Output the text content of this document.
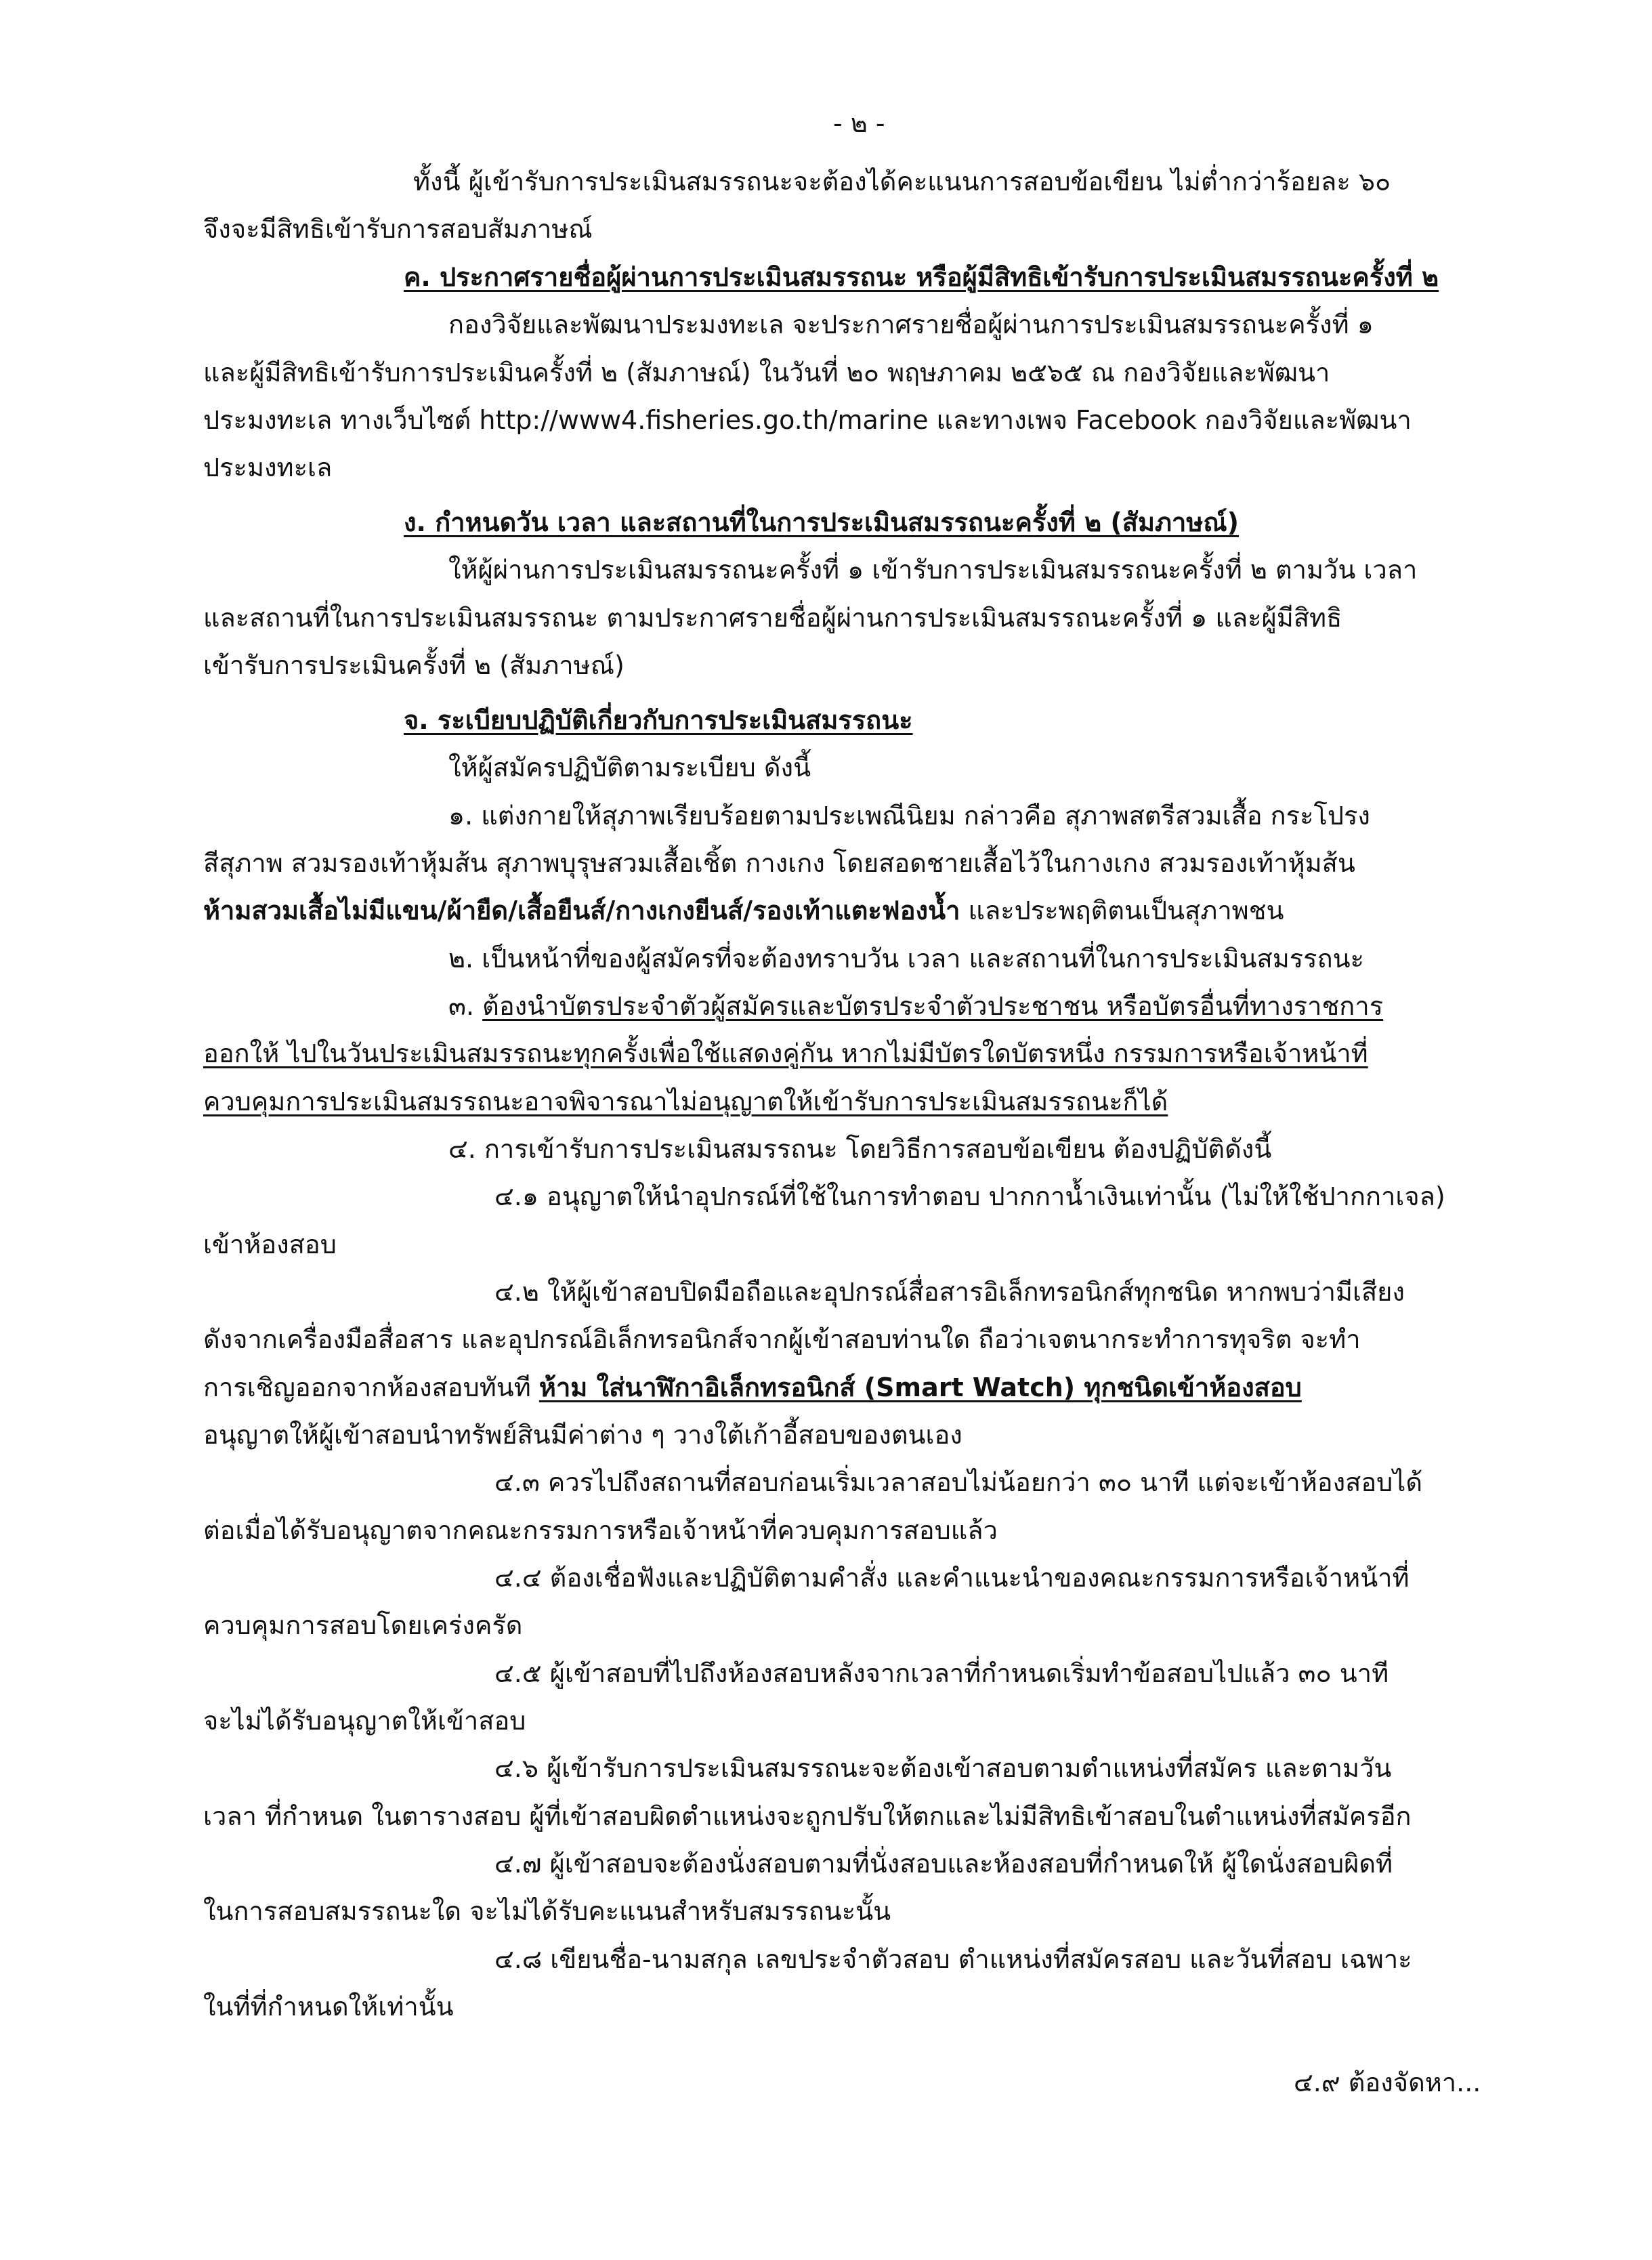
- ๒ -
ทั้งนี้ ผู้เข้ารับการประเมินสมรรถนะจะต้องได้คะแนนการสอบข้อเขียน ไม่ต่ำกว่าร้อยละ ๖๐
จึงจะมีสิทธิเข้ารับการสอบสัมภาษณ์
ค. ประกาศรายชื่อผู้ผ่านการประเมินสมรรถนะ หรือผู้มีสิทธิเข้ารับการประเมินสมรรถนะครั้งที่ ๒
กองวิจัยและพัฒนาประมงทะเล จะประกาศรายชื่อผู้ผ่านการประเมินสมรรถนะครั้งที่ ๑
และผู้มีสิทธิเข้ารับการประเมินครั้งที่ ๒ (สัมภาษณ์) ในวันที่ ๒๐ พฤษภาคม ๒๕๖๕ ณ กองวิจัยและพัฒนา
ประมงทะเล ทางเว็บไซต์ http://www4.fisheries.go.th/marine และทางเพจ Facebook กองวิจัยและพัฒนา
ประมงทะเล
ง. กำหนดวัน เวลา และสถานที่ในการประเมินสมรรถนะครั้งที่ ๒ (สัมภาษณ์)
ให้ผู้ผ่านการประเมินสมรรถนะครั้งที่ ๑ เข้ารับการประเมินสมรรถนะครั้งที่ ๒ ตามวัน เวลา
และสถานที่ในการประเมินสมรรถนะ ตามประกาศรายชื่อผู้ผ่านการประเมินสมรรถนะครั้งที่ ๑ และผู้มีสิทธิ
เข้ารับการประเมินครั้งที่ ๒ (สัมภาษณ์)
จ. ระเบียบปฏิบัติเกี่ยวกับการประเมินสมรรถนะ
ให้ผู้สมัครปฏิบัติตามระเบียบ ดังนี้
๑. แต่งกายให้สุภาพเรียบร้อยตามประเพณีนิยม กล่าวคือ สุภาพสตรีสวมเสื้อ กระโปรง
สีสุภาพ สวมรองเท้าหุ้มส้น สุภาพบุรุษสวมเสื้อเชิ้ต กางเกง โดยสอดชายเสื้อไว้ในกางเกง สวมรองเท้าหุ้มส้น
ห้ามสวมเสื้อไม่มีแขน/ผ้ายืด/เสื้อยืนส์/กางเกงยีนส์/รองเท้าแตะฟองน้ำ และประพฤติตนเป็นสุภาพชน
๒. เป็นหน้าที่ของผู้สมัครที่จะต้องทราบวัน เวลา และสถานที่ในการประเมินสมรรถนะ
๓. ต้องนำบัตรประจำตัวผู้สมัครและบัตรประจำตัวประชาชน หรือบัตรอื่นที่ทางราชการ
ออกให้ ไปในวันประเมินสมรรถนะทุกครั้งเพื่อใช้แสดงคู่กัน หากไม่มีบัตรใดบัตรหนึ่ง กรรมการหรือเจ้าหน้าที่
ควบคุมการประเมินสมรรถนะอาจพิจารณาไม่อนุญาตให้เข้ารับการประเมินสมรรถนะก็ได้
๔. การเข้ารับการประเมินสมรรถนะ โดยวิธีการสอบข้อเขียน ต้องปฏิบัติดังนี้
๔.๑ อนุญาตให้นำอุปกรณ์ที่ใช้ในการทำตอบ ปากกาน้ำเงินเท่านั้น (ไม่ให้ใช้ปากกาเจล)
เข้าห้องสอบ
๔.๒ ให้ผู้เข้าสอบปิดมือถือและอุปกรณ์สื่อสารอิเล็กทรอนิกส์ทุกชนิด หากพบว่ามีเสียง
ดังจากเครื่องมือสื่อสาร และอุปกรณ์อิเล็กทรอนิกส์จากผู้เข้าสอบท่านใด ถือว่าเจตนากระทำการทุจริต จะทำ
การเชิญออกจากห้องสอบทันที ห้าม ใส่นาฬิกาอิเล็กทรอนิกส์ (Smart Watch) ทุกชนิดเข้าห้องสอบ
อนุญาตให้ผู้เข้าสอบนำทรัพย์สินมีค่าต่าง ๆ วางใต้เก้าอี้สอบของตนเอง
๔.๓ ควรไปถึงสถานที่สอบก่อนเริ่มเวลาสอบไม่น้อยกว่า ๓๐ นาที แต่จะเข้าห้องสอบได้
ต่อเมื่อได้รับอนุญาตจากคณะกรรมการหรือเจ้าหน้าที่ควบคุมการสอบแล้ว
๔.๔ ต้องเชื่อฟังและปฏิบัติตามคำสั่ง และคำแนะนำของคณะกรรมการหรือเจ้าหน้าที่
ควบคุมการสอบโดยเคร่งครัด
๔.๕ ผู้เข้าสอบที่ไปถึงห้องสอบหลังจากเวลาที่กำหนดเริ่มทำข้อสอบไปแล้ว ๓๐ นาที
จะไม่ได้รับอนุญาตให้เข้าสอบ
๔.๖ ผู้เข้ารับการประเมินสมรรถนะจะต้องเข้าสอบตามตำแหน่งที่สมัคร และตามวัน
เวลา ที่กำหนด ในตารางสอบ ผู้ที่เข้าสอบผิดตำแหน่งจะถูกปรับให้ตกและไม่มีสิทธิเข้าสอบในตำแหน่งที่สมัครอีก
๔.๗ ผู้เข้าสอบจะต้องนั่งสอบตามที่นั่งสอบและห้องสอบที่กำหนดให้ ผู้ใดนั่งสอบผิดที่
ในการสอบสมรรถนะใด จะไม่ได้รับคะแนนสำหรับสมรรถนะนั้น
๔.๘ เขียนชื่อ-นามสกุล เลขประจำตัวสอบ ตำแหน่งที่สมัครสอบ และวันที่สอบ เฉพาะ
ในที่ที่กำหนดให้เท่านั้น
๔.๙ ต้องจัดหา...
